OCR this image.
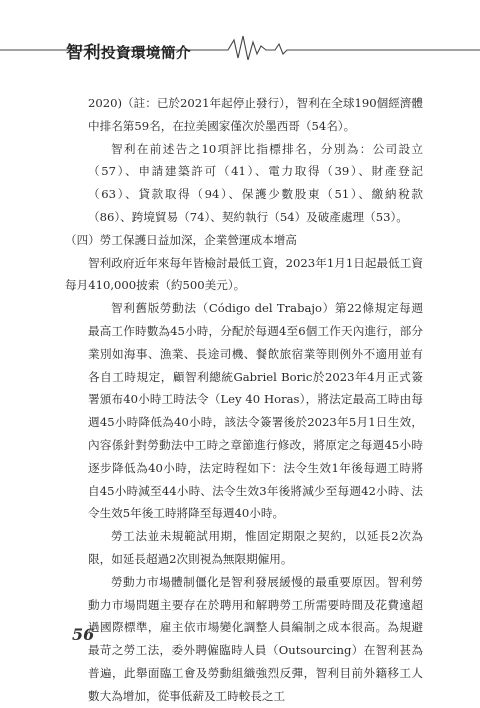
智利投資環境簡介

2020)（註：已於2021年起停止發行），智利在全球190個經濟體中排名第59名，在拉美國家僅次於墨西哥（54名）。

智利在前述告之10項評比指標排名，分別為：公司設立（57）、申請建築許可（41）、電力取得（39）、財產登記（63）、貸款取得（94）、保護少數股東（51）、繳納稅款（86）、跨境貿易（74）、契約執行（54）及破產處理（53）。

（四）勞工保護日益加深，企業營運成本增高

智利政府近年來每年皆檢討最低工資，2023年1月1日起最低工資每月410,000披索（約500美元）。

智利舊版勞動法（Código del Trabajo）第22條規定每週最高工作時數為45小時，分配於每週4至6個工作天內進行，部分業別如海事、漁業、長途司機、餐飲旅宿業等則例外不適用並有各自工時規定，顧智利總統Gabriel Boric於2023年4月正式簽署頒布40小時工時法令（Ley 40 Horas），將法定最高工時由每週45小時降低為40小時，該法令簽署後於2023年5月1日生效，內容係針對勞動法中工時之章節進行修改，將原定之每週45小時逐步降低為40小時，法定時程如下：法令生效1年後每週工時將自45小時減至44小時、法令生效3年後將減少至每週42小時、法令生效5年後工時將降至每週40小時。

勞工法並未規範試用期，惟固定期限之契約，以延長2次為限，如延長超過2次則視為無限期僱用。

勞動力市場體制僵化是智利發展緩慢的最重要原因。智利勞動力市場問題主要存在於聘用和解聘勞工所需要時間及花費遠超過國際標準，雇主依市場變化調整人員編制之成本很高。為規避最苛之勞工法，委外聘僱臨時人員（Outsourcing）在智利甚為普遍，此舉面臨工會及勞動組織強烈反彈，智利目前外籍移工人數大為增加，從事低薪及工時較長之工

56
